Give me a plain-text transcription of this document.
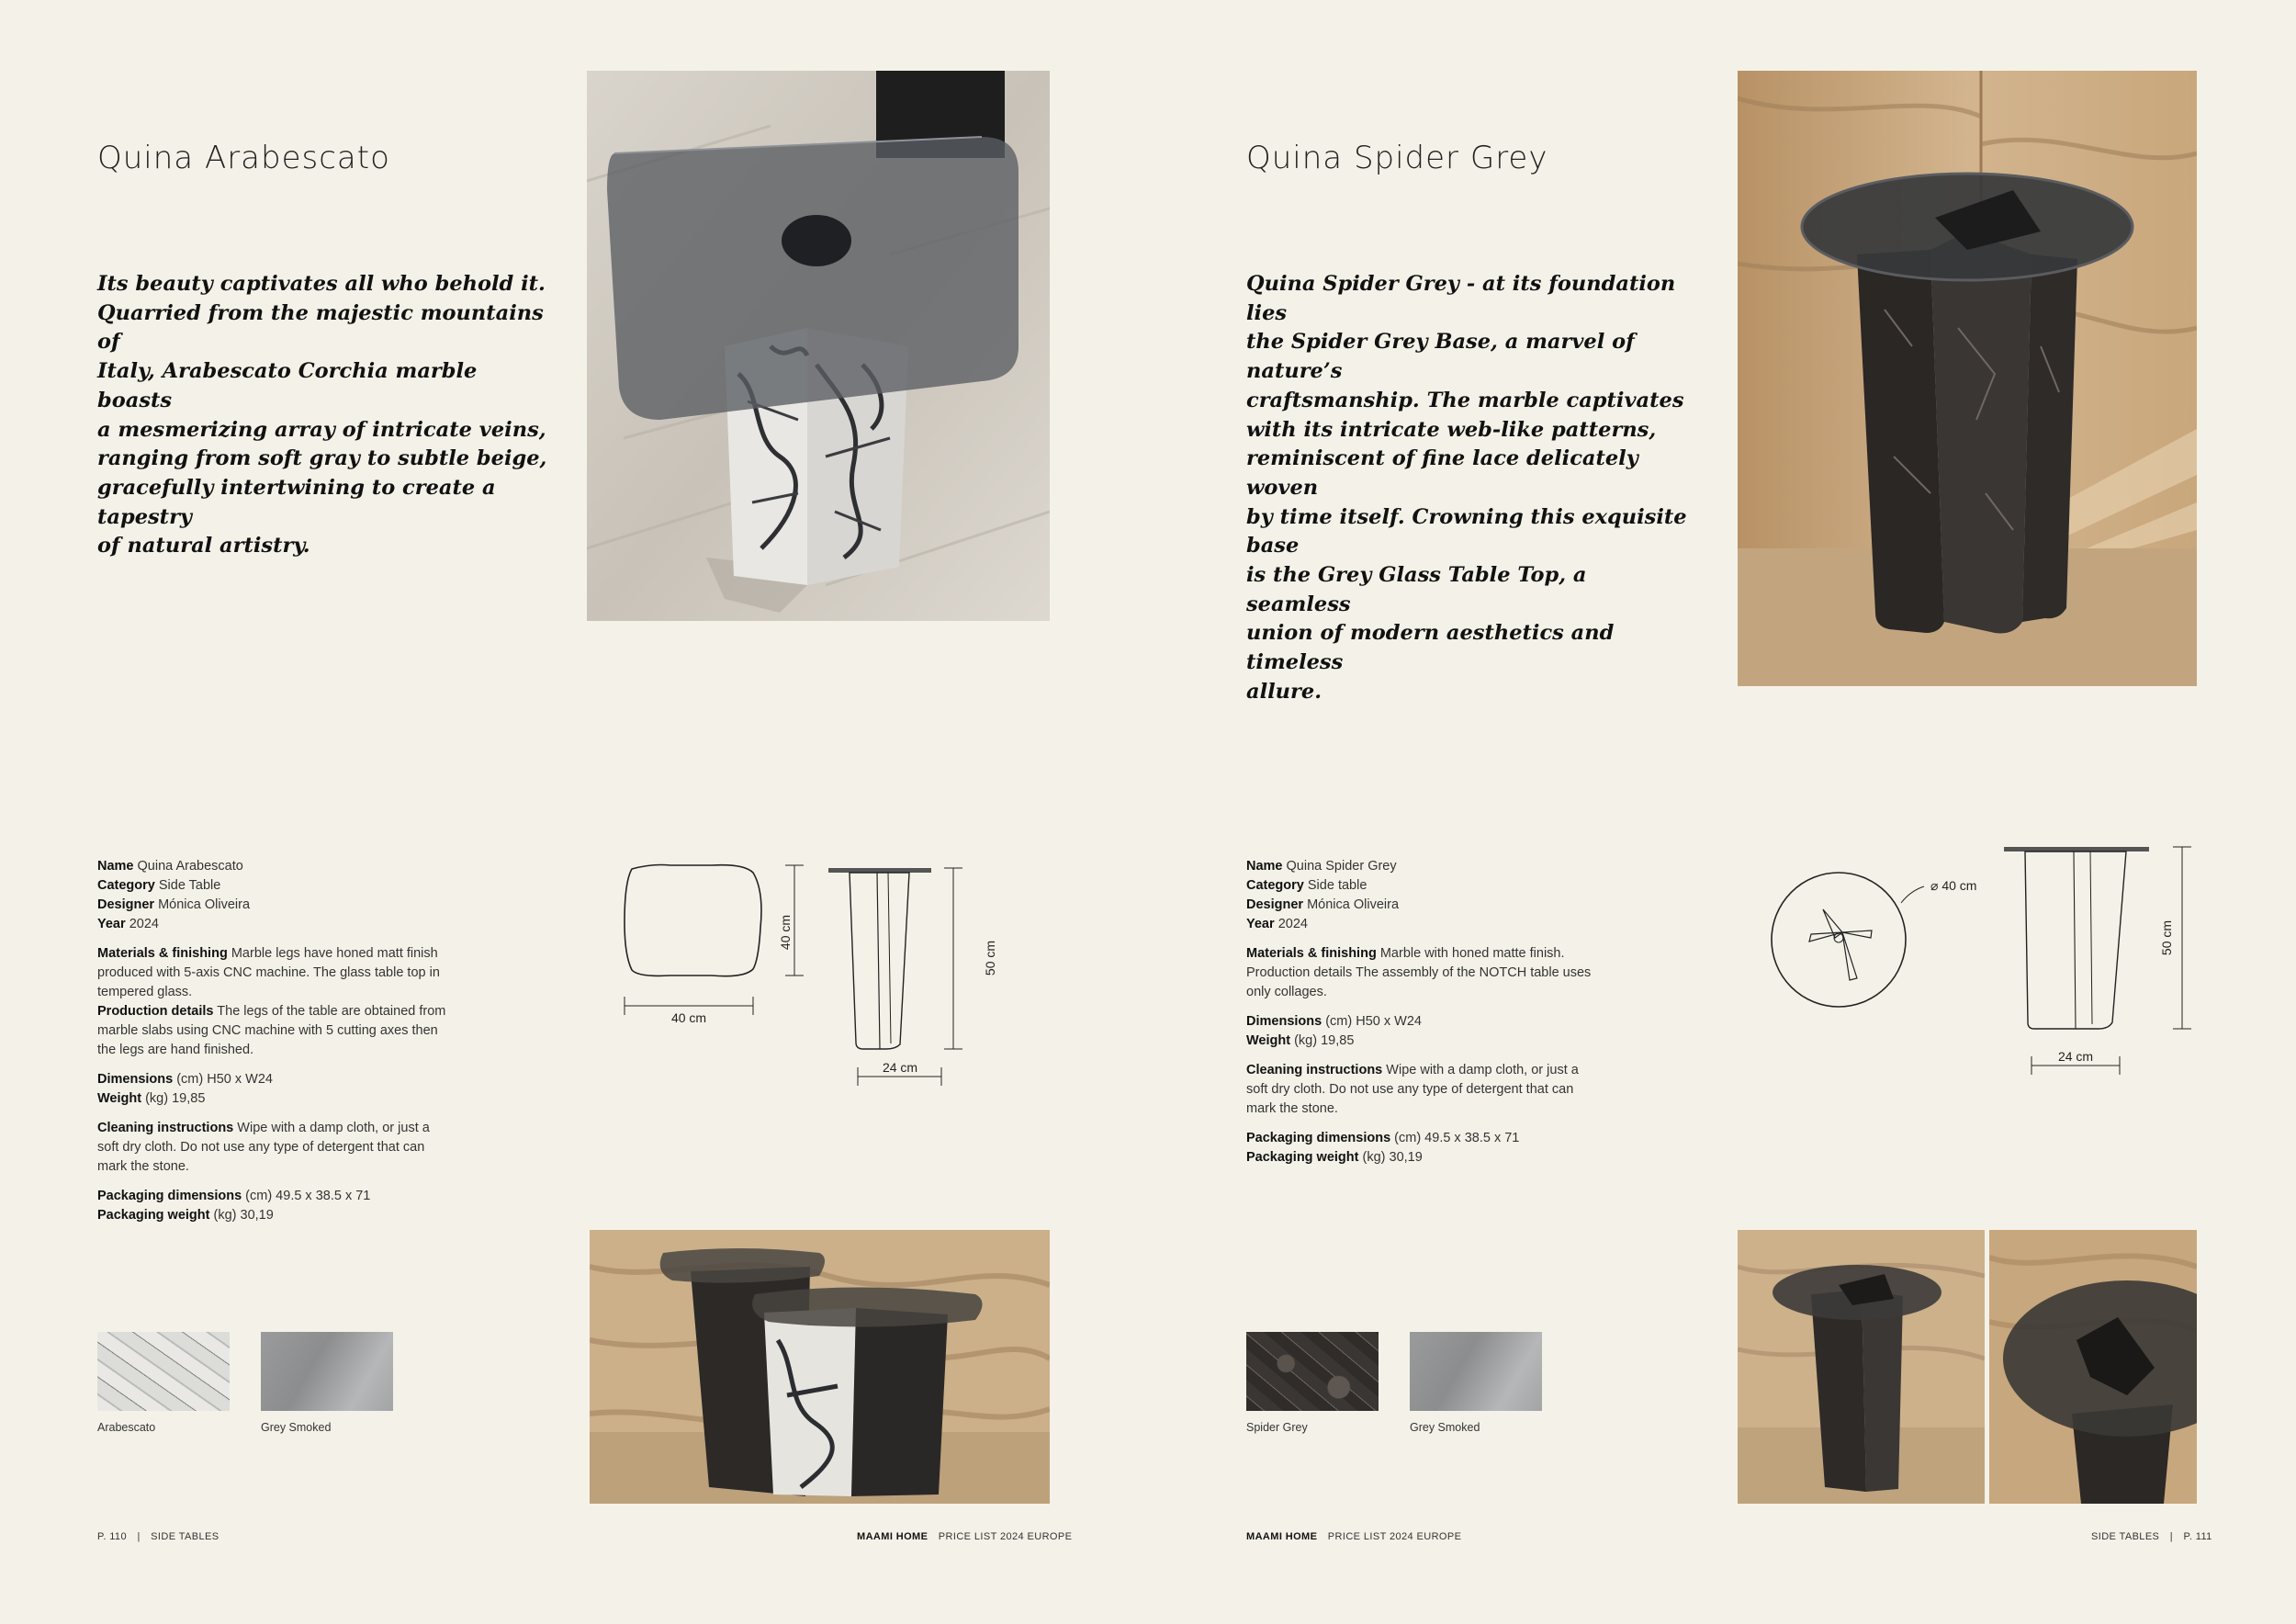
Quina Arabescato
Its beauty captivates all who behold it.
Quarried from the majestic mountains of
Italy, Arabescato Corchia marble boasts
a mesmerizing array of intricate veins,
ranging from soft gray to subtle beige,
gracefully intertwining to create a tapestry
of natural artistry.
Name Quina Arabescato
Category Side Table
Designer Mónica Oliveira
Year 2024
Materials & finishing Marble legs have honed matt finish produced with 5-axis CNC machine. The glass table top in tempered glass.
Production details The legs of the table are obtained from marble slabs using CNC machine with 5 cutting axes then the legs are hand finished.
Dimensions (cm) H50 x W24
Weight (kg) 19,85
Cleaning instructions Wipe with a damp cloth, or just a soft dry cloth. Do not use any type of detergent that can mark the stone.
Packaging dimensions (cm) 49.5 x 38.5 x 71
Packaging weight (kg) 30,19
40 cm
40 cm
50 cm
24 cm
Arabescato	Grey Smoked
P. 110 | SIDE TABLES	MAAMI HOME PRICE LIST 2024 EUROPE
Quina Spider Grey
Quina Spider Grey - at its foundation lies
the Spider Grey Base, a marvel of nature’s
craftsmanship. The marble captivates
with its intricate web-like patterns,
reminiscent of fine lace delicately woven
by time itself. Crowning this exquisite base
is the Grey Glass Table Top, a seamless
union of modern aesthetics and timeless
allure.
Name Quina Spider Grey
Category Side table
Designer Mónica Oliveira
Year 2024
Materials & finishing Marble with honed matte finish. Production details The assembly of the NOTCH table uses only collages.
Dimensions (cm) H50 x W24
Weight (kg) 19,85
Cleaning instructions Wipe with a damp cloth, or just a soft dry cloth. Do not use any type of detergent that can mark the stone.
Packaging dimensions (cm) 49.5 x 38.5 x 71
Packaging weight (kg) 30,19
⌀ 40 cm
50 cm
24 cm
Spider Grey	Grey Smoked
MAAMI HOME PRICE LIST 2024 EUROPE	SIDE TABLES | P. 111
